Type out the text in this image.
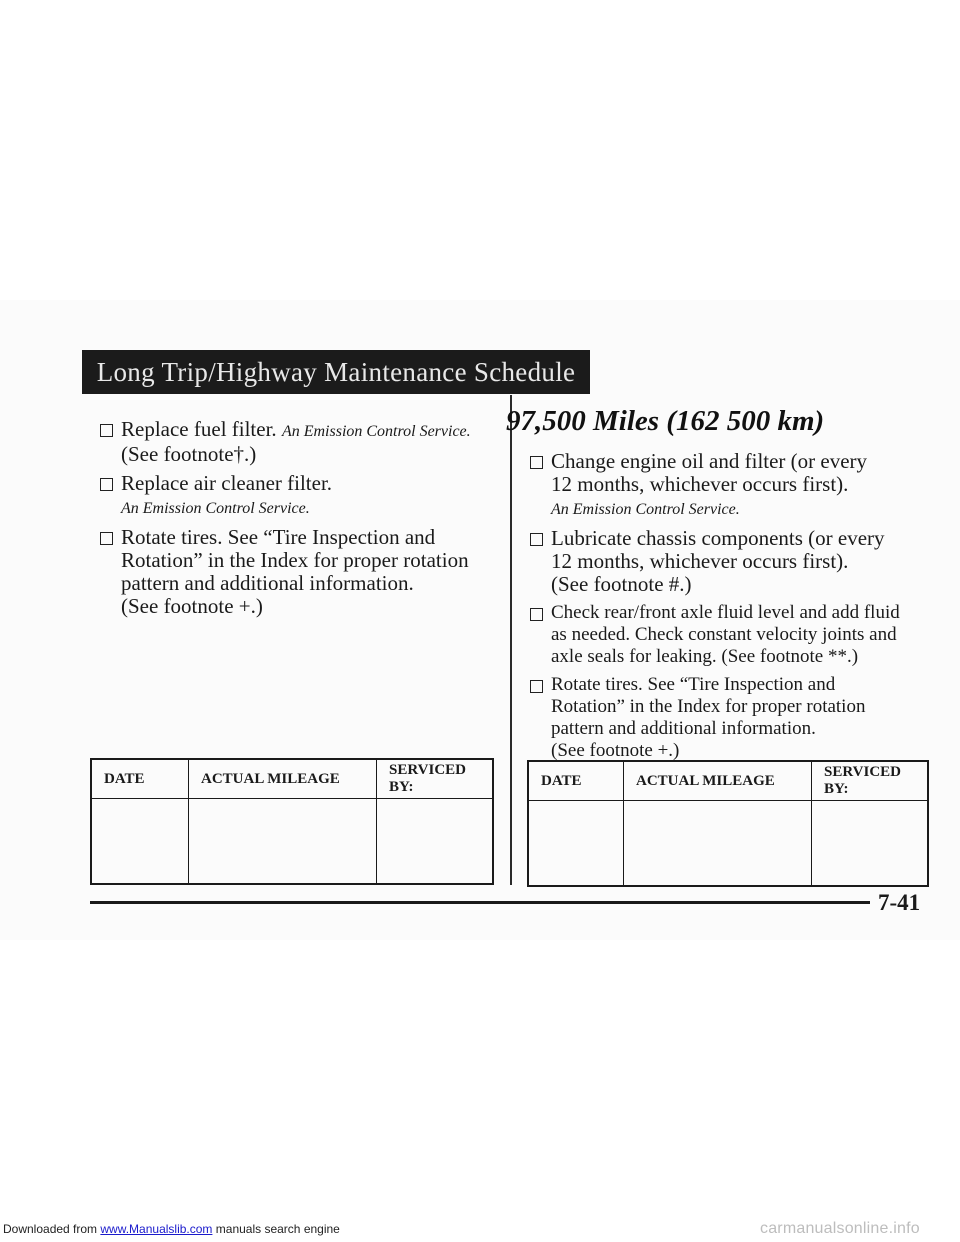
Long Trip/Highway Maintenance Schedule
Replace fuel filter. An Emission Control Service.
(See footnote†.)
Replace air cleaner filter.
An Emission Control Service.
Rotate tires. See “Tire Inspection and
Rotation” in the Index for proper rotation
pattern and additional information.
(See footnote +.)
DATE	ACTUAL MILEAGE	SERVICED BY:

97,500 Miles (162 500 km)
Change engine oil and filter (or every
12 months, whichever occurs first).
An Emission Control Service.
Lubricate chassis components (or every
12 months, whichever occurs first).
(See footnote #.)
Check rear/front axle fluid level and add fluid
as needed. Check constant velocity joints and
axle seals for leaking. (See footnote **.)
Rotate tires. See “Tire Inspection and
Rotation” in the Index for proper rotation
pattern and additional information.
(See footnote +.)
DATE	ACTUAL MILEAGE	SERVICED BY:

7-41
Downloaded from www.Manualslib.com manuals search engine	carmanualsonline.info
